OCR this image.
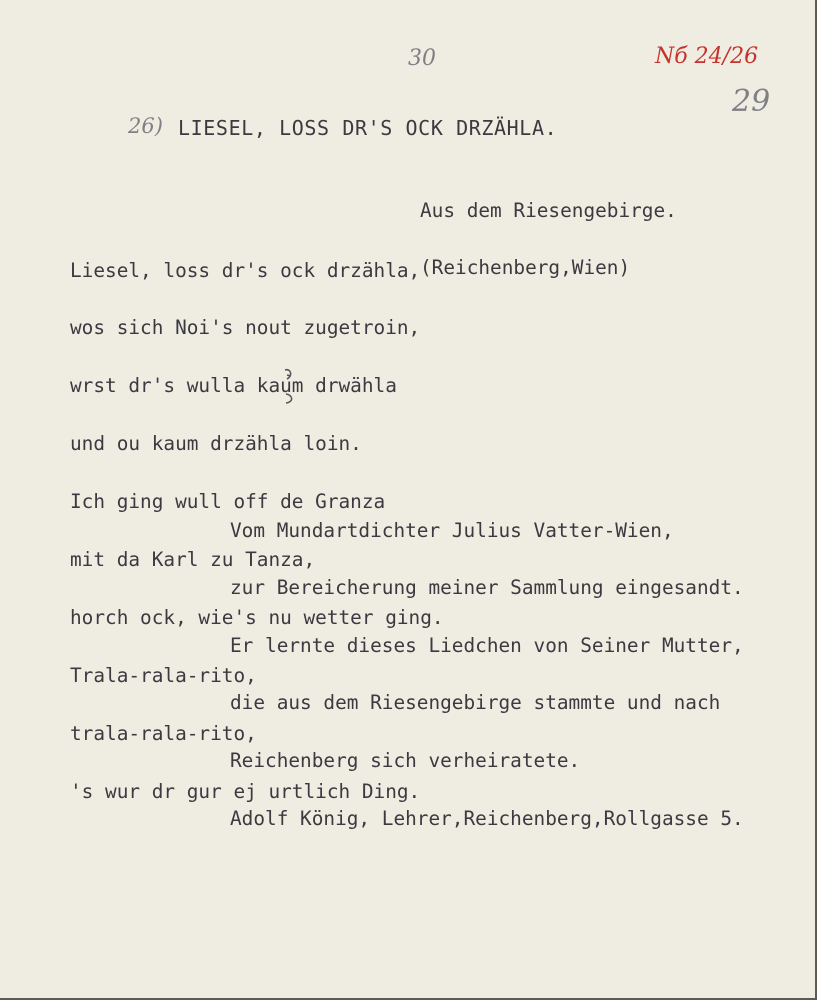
30	Nб 24/26
29
26) LIESEL, LOSS DR'S OCK DRZÄHLA.

Aus dem Riesengebirge.

(Reichenberg,Wien)

Liesel, loss dr's ock drzähla,

wos sich Noi's nout zugetroin,

wrst dr's wulla kaum drwähla

und ou kaum drzähla loin.

Ich ging wull off de Granza

mit da Karl zu Tanza,

horch ock, wie's nu wetter ging.

Trala-rala-rito,

trala-rala-rito,

's wur dr gur ej urtlich Ding.

Vom Mundartdichter Julius Vatter-Wien,

zur Bereicherung meiner Sammlung eingesandt.

Er lernte dieses Liedchen von Seiner Mutter,

die aus dem Riesengebirge stammte und nach

Reichenberg sich verheiratete.

Adolf König, Lehrer,Reichenberg,Rollgasse 5.
